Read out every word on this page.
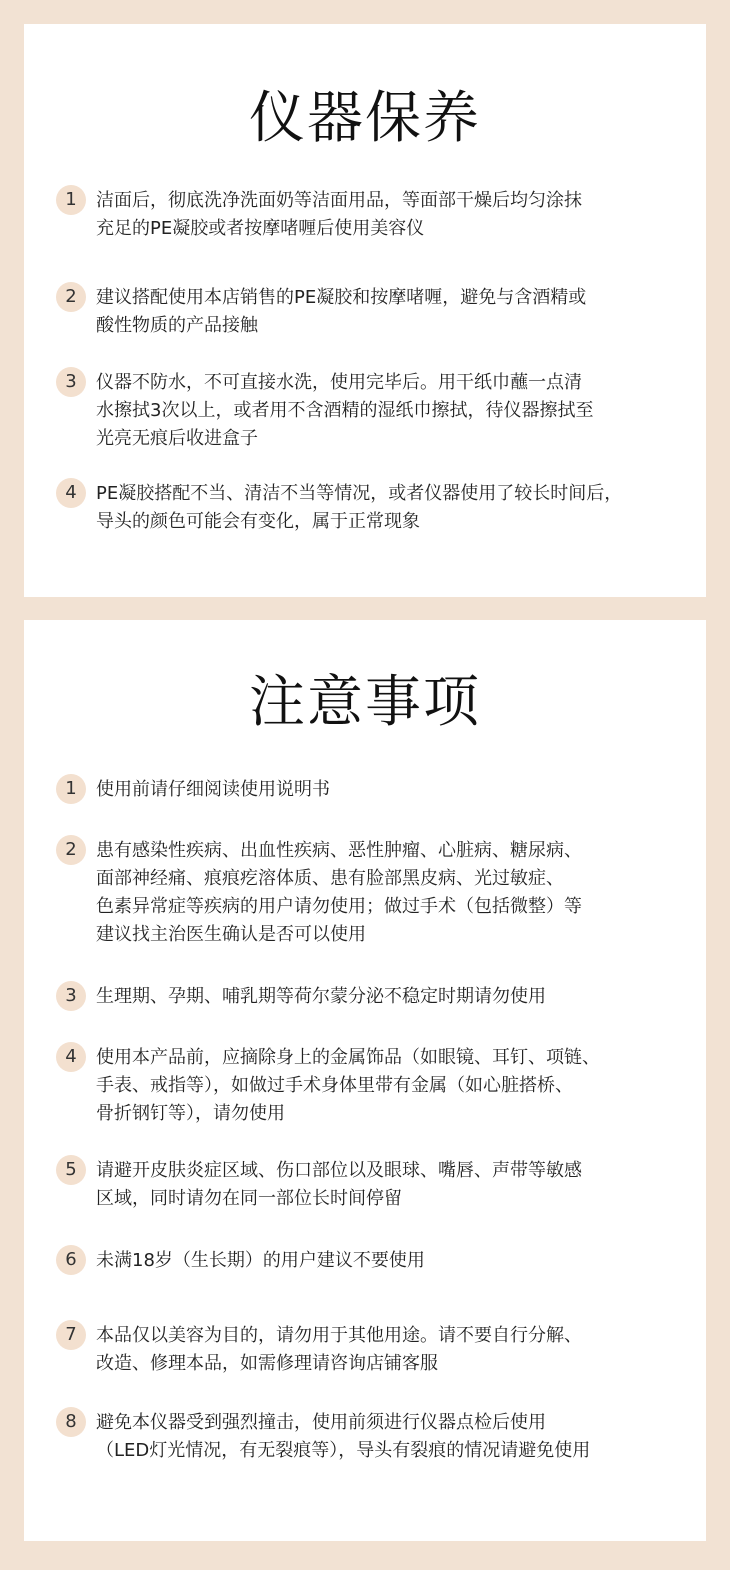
仪器保养
1	洁面后，彻底洗净洗面奶等洁面用品，等面部干燥后均匀涂抹
充足的PE凝胶或者按摩啫喱后使用美容仪
2	建议搭配使用本店销售的PE凝胶和按摩啫喱，避免与含酒精或
酸性物质的产品接触
3	仪器不防水，不可直接水洗，使用完毕后。用干纸巾蘸一点清
水擦拭3次以上，或者用不含酒精的湿纸巾擦拭，待仪器擦拭至
光亮无痕后收进盒子
4	PE凝胶搭配不当、清洁不当等情况，或者仪器使用了较长时间后，
导头的颜色可能会有变化，属于正常现象
注意事项
1	使用前请仔细阅读使用说明书
2	患有感染性疾病、出血性疾病、恶性肿瘤、心脏病、糖尿病、
面部神经痛、痕痕疙溶体质、患有脸部黑皮病、光过敏症、
色素异常症等疾病的用户请勿使用；做过手术（包括微整）等
建议找主治医生确认是否可以使用
3	生理期、孕期、哺乳期等荷尔蒙分泌不稳定时期请勿使用
4	使用本产品前，应摘除身上的金属饰品（如眼镜、耳钉、项链、
手表、戒指等），如做过手术身体里带有金属（如心脏搭桥、
骨折钢钉等），请勿使用
5	请避开皮肤炎症区域、伤口部位以及眼球、嘴唇、声带等敏感
区域，同时请勿在同一部位长时间停留
6	未满18岁（生长期）的用户建议不要使用
7	本品仅以美容为目的，请勿用于其他用途。请不要自行分解、
改造、修理本品，如需修理请咨询店铺客服
8	避免本仪器受到强烈撞击，使用前须进行仪器点检后使用
（LED灯光情况，有无裂痕等），导头有裂痕的情况请避免使用
